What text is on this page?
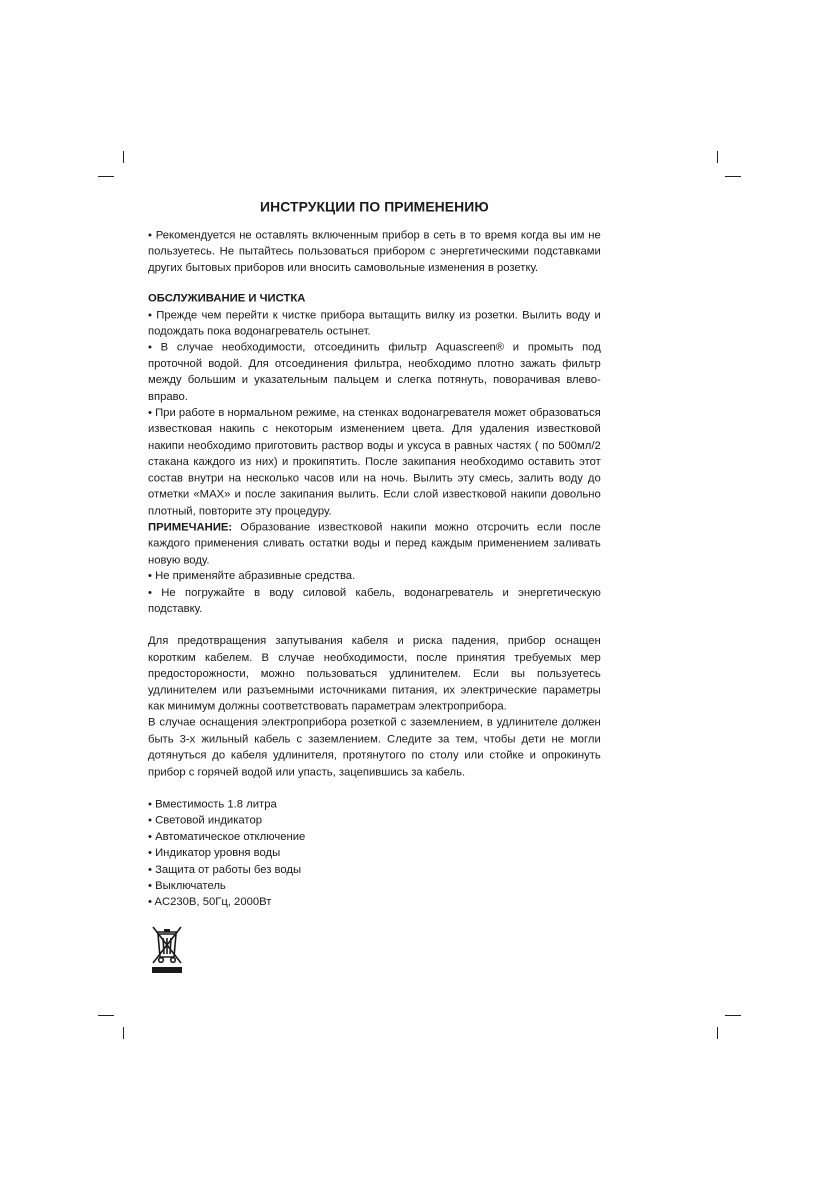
ИНСТРУКЦИИ ПО ПРИМЕНЕНИЮ

• Рекомендуется не оставлять включенным прибор в сеть в то время когда вы им не пользуетесь. Не пытайтесь пользоваться прибором с энергетическими подставками других бытовых приборов или вносить самовольные изменения в розетку.

ОБСЛУЖИВАНИЕ И ЧИСТКА

• Прежде чем перейти к чистке прибора вытащить вилку из розетки. Вылить воду и подождать пока водонагреватель остынет.

• В случае необходимости, отсоединить фильтр Aquascreen® и промыть под проточной водой. Для отсоединения фильтра, необходимо плотно зажать фильтр между большим и указательным пальцем и слегка потянуть, поворачивая влево-вправо.

• При работе в нормальном режиме, на стенках водонагревателя может образоваться известковая накипь с некоторым изменением цвета. Для удаления известковой накипи необходимо приготовить раствор воды и уксуса в равных частях ( по 500мл/2 стакана каждого из них) и прокипятить. После закипания необходимо оставить этот состав внутри на несколько часов или на ночь. Вылить эту смесь, залить воду до отметки «MAX» и после закипания вылить. Если слой известковой накипи довольно плотный, повторите эту процедуру.

ПРИМЕЧАНИЕ: Образование известковой накипи можно отсрочить если после каждого применения сливать остатки воды и перед каждым применением заливать новую воду.

• Не применяйте абразивные средства.

• Не погружайте в воду силовой кабель, водонагреватель и энергетическую подставку.

Для предотвращения запутывания кабеля и риска падения, прибор оснащен коротким кабелем. В случае необходимости, после принятия требуемых мер предосторожности, можно пользоваться удлинителем. Если вы пользуетесь удлинителем или разъемными источниками питания, их электрические параметры как минимум должны соответствовать параметрам электроприбора.

В случае оснащения электроприбора розеткой с заземлением, в удлинителе должен быть 3-х жильный кабель с заземлением. Следите за тем, чтобы дети не могли дотянуться до кабеля удлинителя, протянутого по столу или стойке и опрокинуть прибор с горячей водой или упасть, зацепившись за кабель.

• Вместимость 1.8 литра

• Световой индикатор

• Автоматическое отключение

• Индикатор уровня воды

• Защита от работы без воды

• Выключатель

• AC230В, 50Гц, 2000Вт
